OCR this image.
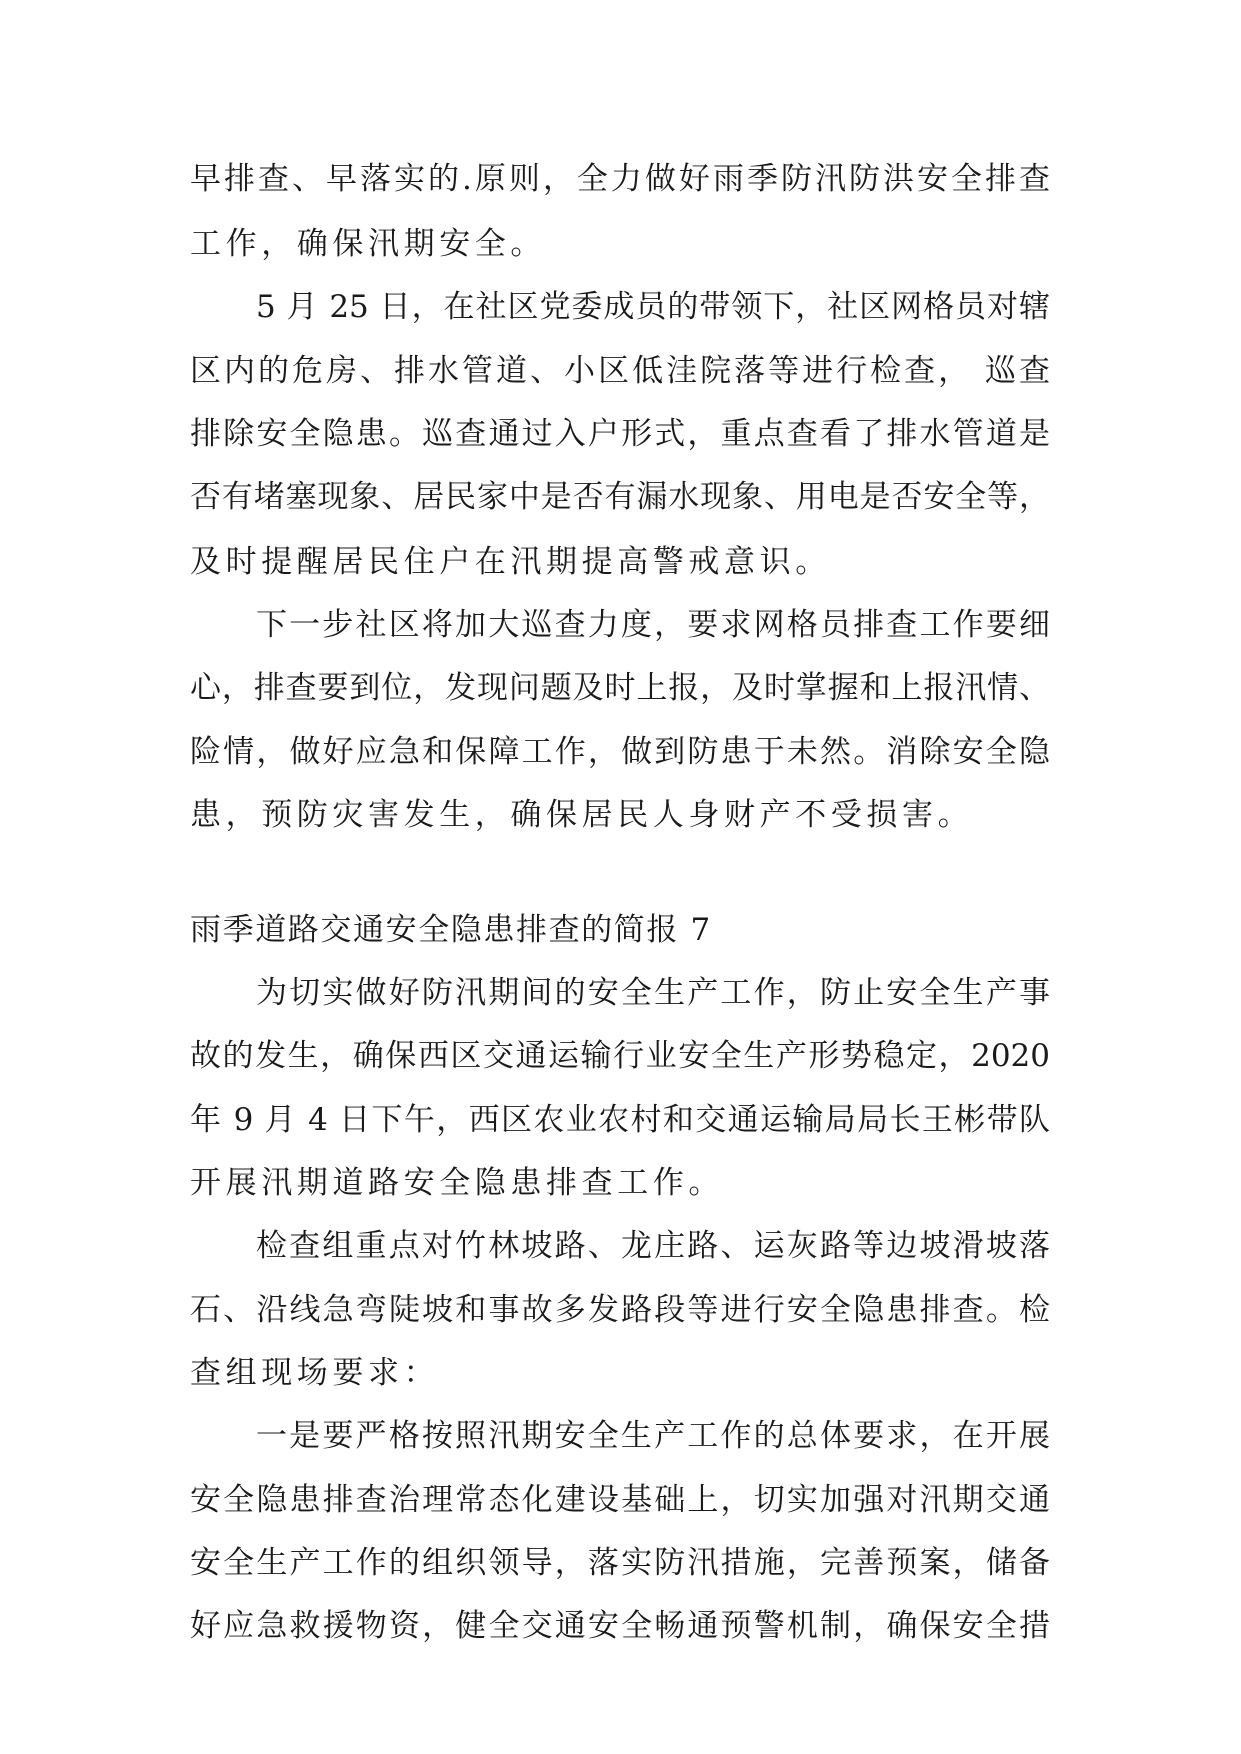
早排查、早落实的.原则，全力做好雨季防汛防洪安全排查
工作，确保汛期安全。
5 月 25 日，在社区党委成员的带领下，社区网格员对辖
区内的危房、排水管道、小区低洼院落等进行检查， 巡查
排除安全隐患。巡查通过入户形式，重点查看了排水管道是
否有堵塞现象、居民家中是否有漏水现象、用电是否安全等，
及时提醒居民住户在汛期提高警戒意识。
下一步社区将加大巡查力度，要求网格员排查工作要细
心，排查要到位，发现问题及时上报，及时掌握和上报汛情、
险情，做好应急和保障工作，做到防患于未然。消除安全隐
患，预防灾害发生，确保居民人身财产不受损害。
雨季道路交通安全隐患排查的简报 7
为切实做好防汛期间的安全生产工作，防止安全生产事
故的发生，确保西区交通运输行业安全生产形势稳定，2020
年 9 月 4 日下午，西区农业农村和交通运输局局长王彬带队
开展汛期道路安全隐患排查工作。
检查组重点对竹林坡路、龙庄路、运灰路等边坡滑坡落
石、沿线急弯陡坡和事故多发路段等进行安全隐患排查。检
查组现场要求：
一是要严格按照汛期安全生产工作的总体要求，在开展
安全隐患排查治理常态化建设基础上，切实加强对汛期交通
安全生产工作的组织领导，落实防汛措施，完善预案，储备
好应急救援物资，健全交通安全畅通预警机制，确保安全措
